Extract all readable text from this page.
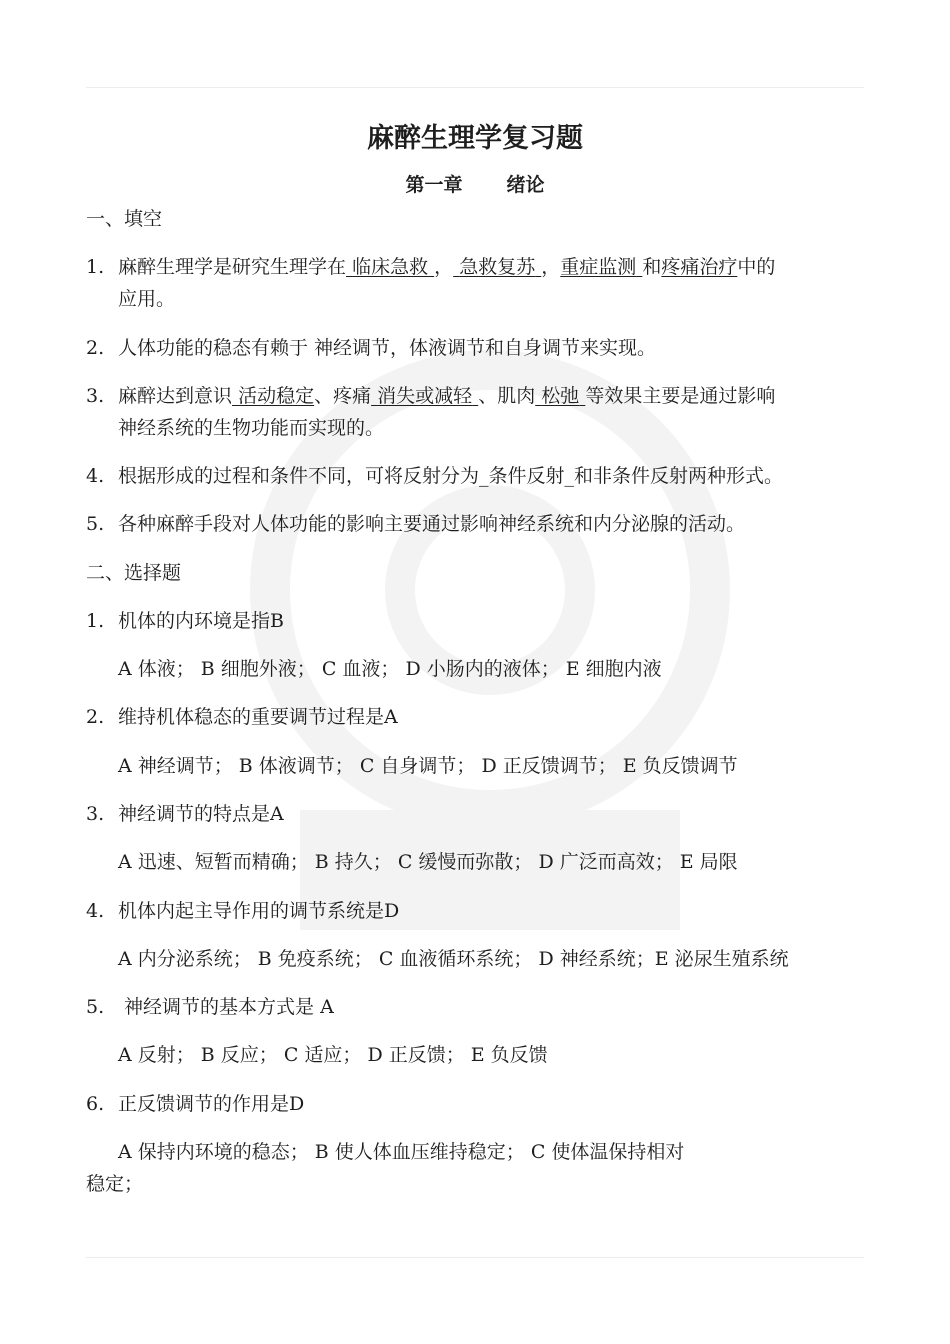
麻醉生理学复习题
第一章 绪论
一、填空
1. 麻醉生理学是研究生理学在 临床急救 ， 急救复苏 ，重症监测 和疼痛治疗中的
应用。
2. 人体功能的稳态有赖于 神经调节，体液调节和自身调节来实现。
3. 麻醉达到意识 活动稳定、疼痛 消失或减轻 、肌肉 松弛 等效果主要是通过影响
神经系统的生物功能而实现的。
4. 根据形成的过程和条件不同，可将反射分为_条件反射_和非条件反射两种形式。
5. 各种麻醉手段对人体功能的影响主要通过影响神经系统和内分泌腺的活动。
二、选择题
1. 机体的内环境是指B
A 体液； B 细胞外液； C 血液； D 小肠内的液体； E 细胞内液
2. 维持机体稳态的重要调节过程是A
A 神经调节； B 体液调节； C 自身调节； D 正反馈调节； E 负反馈调节
3. 神经调节的特点是A
A 迅速、短暂而精确； B 持久； C 缓慢而弥散； D 广泛而高效； E 局限
4. 机体内起主导作用的调节系统是D
A 内分泌系统； B 免疫系统； C 血液循环系统； D 神经系统；E 泌尿生殖系统
5. 神经调节的基本方式是 A
A 反射； B 反应； C 适应； D 正反馈； E 负反馈
6. 正反馈调节的作用是D
A 保持内环境的稳态； B 使人体血压维持稳定； C 使体温保持相对
稳定；
